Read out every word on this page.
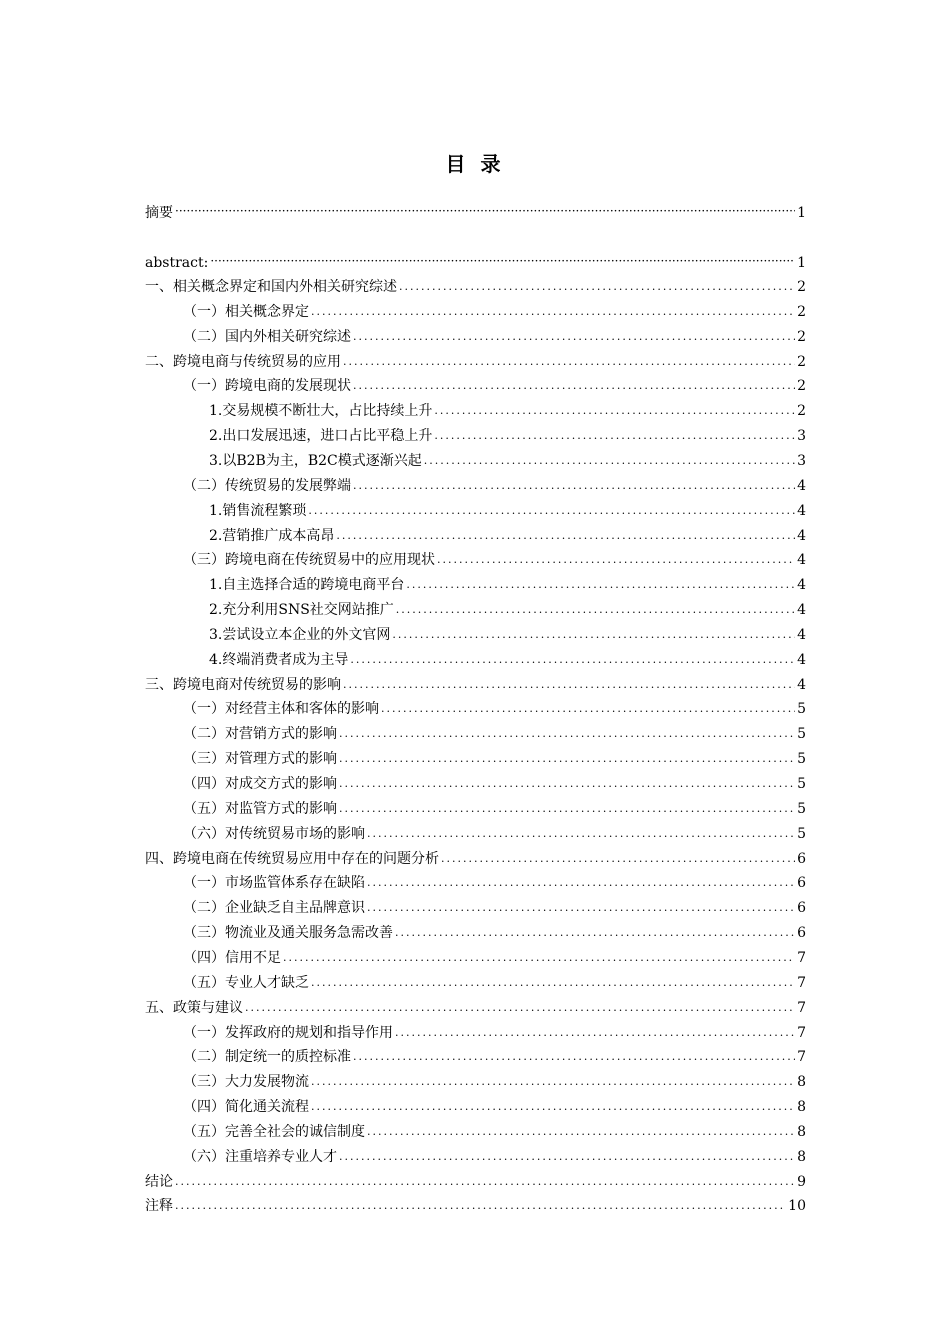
目 录
摘要 ·····	1
abstract: ·····	1
一、相关概念界定和国内外相关研究综述 .....	2
（一）相关概念界定 .....	2
（二）国内外相关研究综述 .....	2
二、跨境电商与传统贸易的应用 .....	2
（一）跨境电商的发展现状 .....	2
1.交易规模不断壮大，占比持续上升 .....	2
2.出口发展迅速，进口占比平稳上升 .....	3
3.以B2B为主，B2C模式逐渐兴起 .....	3
（二）传统贸易的发展弊端 .....	4
1.销售流程繁琐 .....	4
2.营销推广成本高昂 .....	4
（三）跨境电商在传统贸易中的应用现状 .....	4
1.自主选择合适的跨境电商平台 .....	4
2.充分利用SNS社交网站推广 .....	4
3.尝试设立本企业的外文官网 .....	4
4.终端消费者成为主导 .....	4
三、跨境电商对传统贸易的影响 .....	4
（一）对经营主体和客体的影响 .....	5
（二）对营销方式的影响 .....	5
（三）对管理方式的影响 .....	5
（四）对成交方式的影响 .....	5
（五）对监管方式的影响 .....	5
（六）对传统贸易市场的影响 .....	5
四、跨境电商在传统贸易应用中存在的问题分析 .....	6
（一）市场监管体系存在缺陷 .....	6
（二）企业缺乏自主品牌意识 .....	6
（三）物流业及通关服务急需改善 .....	6
（四）信用不足 .....	7
（五）专业人才缺乏 .....	7
五、政策与建议 .....	7
（一）发挥政府的规划和指导作用 .....	7
（二）制定统一的质控标准 .....	7
（三）大力发展物流 .....	8
（四）简化通关流程 .....	8
（五）完善全社会的诚信制度 .....	8
（六）注重培养专业人才 .....	8
结论 .....	9
注释 .....	10
